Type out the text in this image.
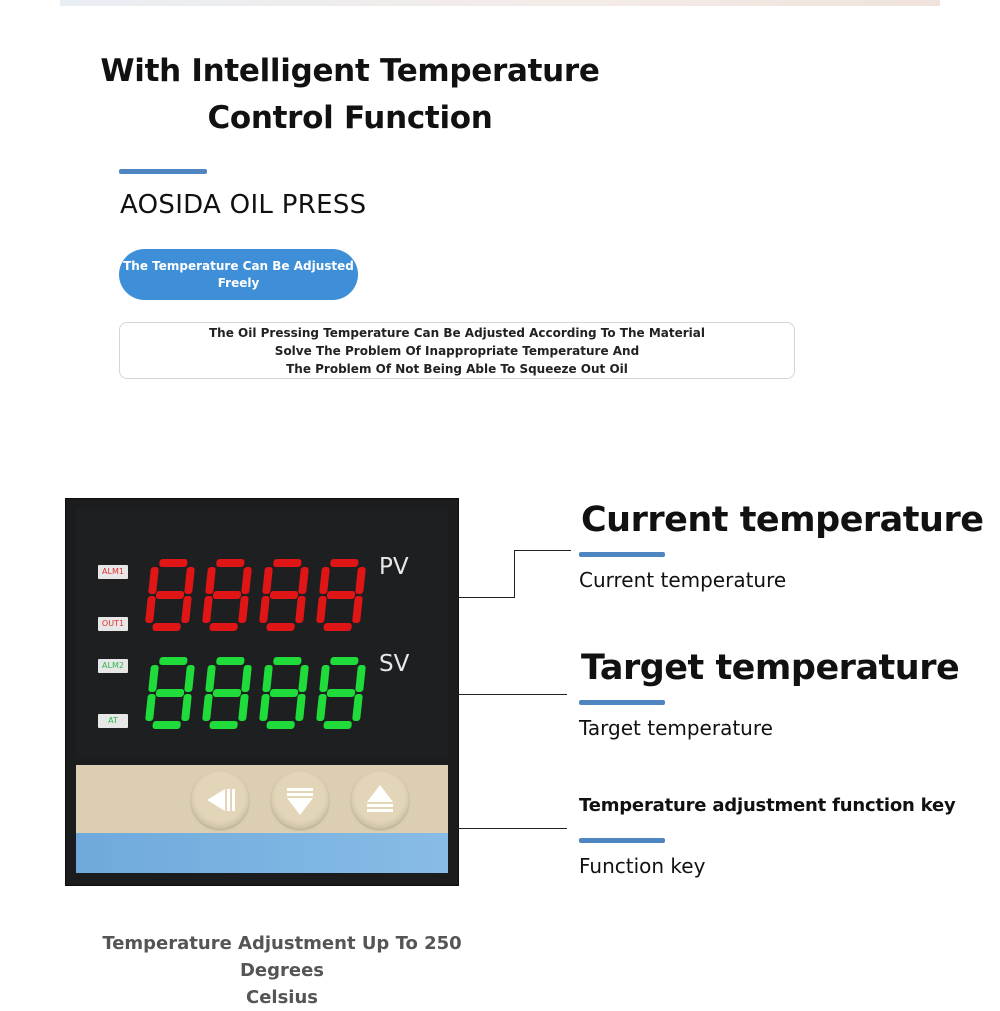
With Intelligent Temperature
Control Function
AOSIDA OIL PRESS
The Temperature Can Be Adjusted
Freely
The Oil Pressing Temperature Can Be Adjusted According To The Material
Solve The Problem Of Inappropriate Temperature And
The Problem Of Not Being Able To Squeeze Out Oil
ALM1
OUT1
ALM2
AT
PV
SV
Current temperature
Current temperature
Target temperature
Target temperature
Temperature adjustment function key
Function key
Temperature Adjustment Up To 250 Degrees
Celsius
